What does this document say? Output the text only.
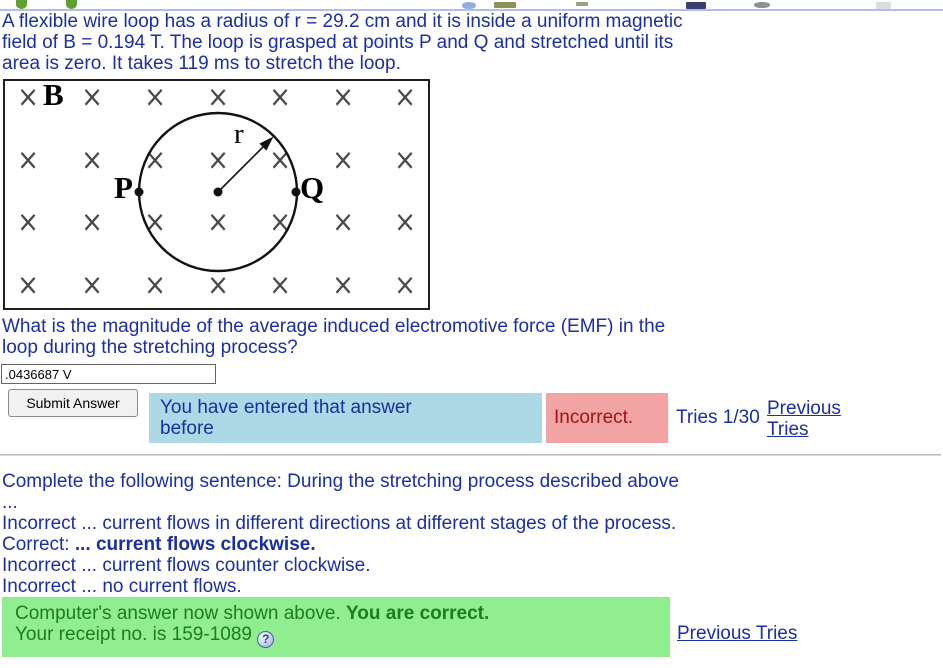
A flexible wire loop has a radius of r = 29.2 cm and it is inside a uniform magnetic
field of B = 0.194 T. The loop is grasped at points P and Q and stretched until its
area is zero. It takes 119 ms to stretch the loop.
× × × × × × ×
× × × × × × ×
× × × × × × ×
× × × × × × ×
B
P	Q
r
What is the magnitude of the average induced electromotive force (EMF) in the
loop during the stretching process?
.0436687 V
Submit Answer	You have entered that answer
before
Incorrect.	Tries 1/30 Previous Tries
Complete the following sentence: During the stretching process described above
...
Incorrect ... current flows in different directions at different stages of the process.
Correct: ... current flows clockwise.
Incorrect ... current flows counter clockwise.
Incorrect ... no current flows.
Computer's answer now shown above. You are correct.
Your receipt no. is 159-1089 ?	Previous Tries
